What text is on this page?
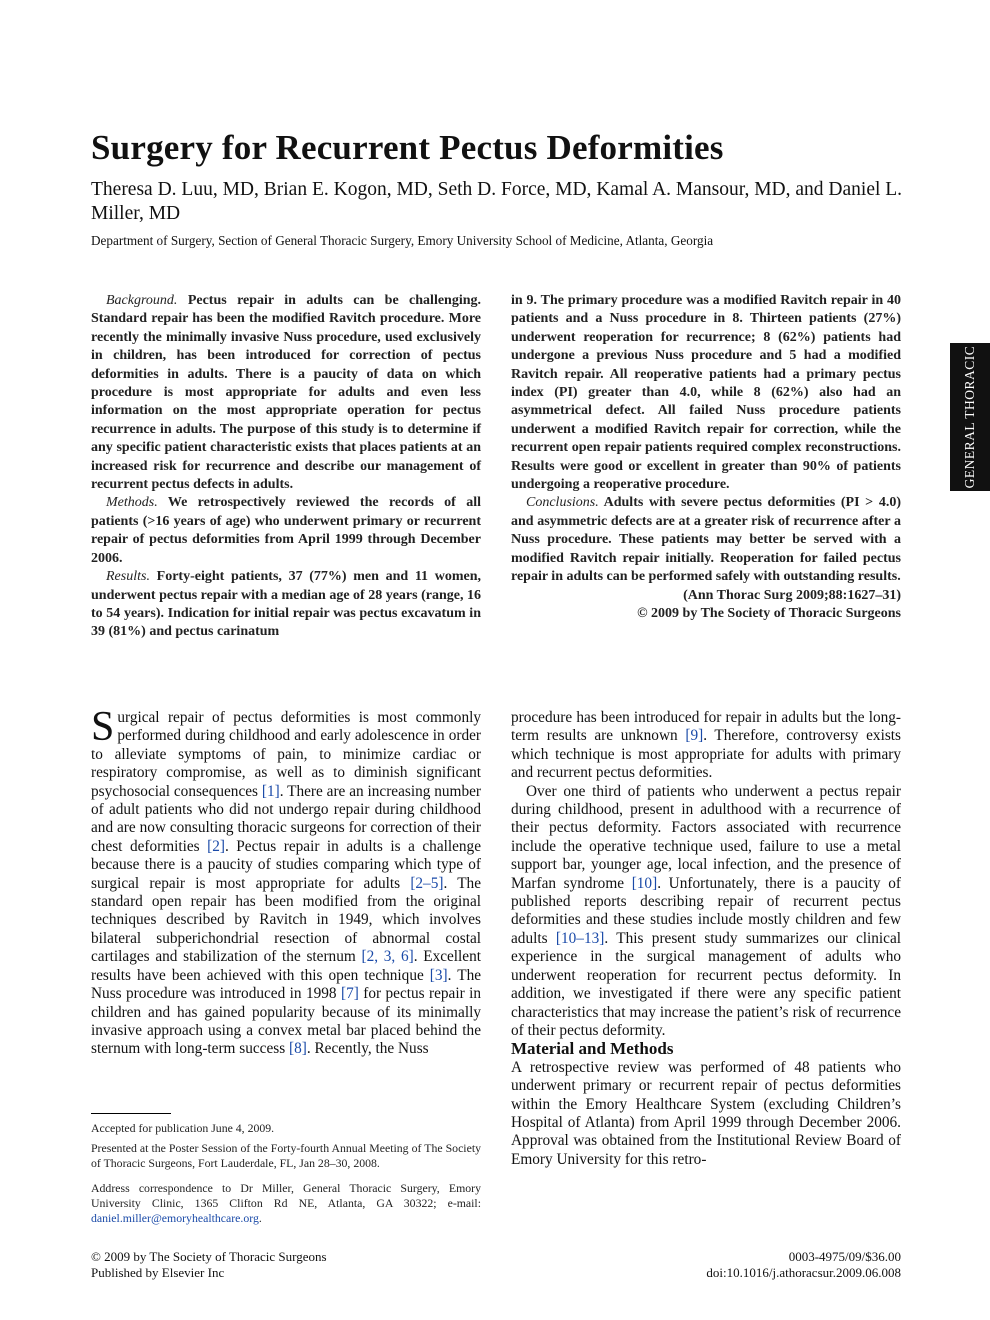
Surgery for Recurrent Pectus Deformities
Theresa D. Luu, MD, Brian E. Kogon, MD, Seth D. Force, MD, Kamal A. Mansour, MD, and Daniel L. Miller, MD
Department of Surgery, Section of General Thoracic Surgery, Emory University School of Medicine, Atlanta, Georgia
GENERAL THORACIC

Background. Pectus repair in adults can be challenging. Standard repair has been the modified Ravitch procedure. More recently the minimally invasive Nuss procedure, used exclusively in children, has been introduced for correction of pectus deformities in adults. There is a paucity of data on which procedure is most appropriate for adults and even less information on the most appropriate operation for pectus recurrence in adults. The purpose of this study is to determine if any specific patient characteristic exists that places patients at an increased risk for recurrence and describe our management of recurrent pectus defects in adults.

Methods. We retrospectively reviewed the records of all patients (>16 years of age) who underwent primary or recurrent repair of pectus deformities from April 1999 through December 2006.

Results. Forty-eight patients, 37 (77%) men and 11 women, underwent pectus repair with a median age of 28 years (range, 16 to 54 years). Indication for initial repair was pectus excavatum in 39 (81%) and pectus carinatum

in 9. The primary procedure was a modified Ravitch repair in 40 patients and a Nuss procedure in 8. Thirteen patients (27%) underwent reoperation for recurrence; 8 (62%) patients had undergone a previous Nuss procedure and 5 had a modified Ravitch repair. All reoperative patients had a primary pectus index (PI) greater than 4.0, while 8 (62%) also had an asymmetrical defect. All failed Nuss procedure patients underwent a modified Ravitch repair for correction, while the recurrent open repair patients required complex reconstructions. Results were good or excellent in greater than 90% of patients undergoing a reoperative procedure.

Conclusions. Adults with severe pectus deformities (PI > 4.0) and asymmetric defects are at a greater risk of recurrence after a Nuss procedure. These patients may better be served with a modified Ravitch repair initially. Reoperation for failed pectus repair in adults can be performed safely with outstanding results.

(Ann Thorac Surg 2009;88:1627–31)

© 2009 by The Society of Thoracic Surgeons

Surgical repair of pectus deformities is most commonly performed during childhood and early adolescence in order to alleviate symptoms of pain, to minimize cardiac or respiratory compromise, as well as to diminish significant psychosocial consequences [1]. There are an increasing number of adult patients who did not undergo repair during childhood and are now consulting thoracic surgeons for correction of their chest deformities [2]. Pectus repair in adults is a challenge because there is a paucity of studies comparing which type of surgical repair is most appropriate for adults [2–5]. The standard open repair has been modified from the original techniques described by Ravitch in 1949, which involves bilateral subperichondrial resection of abnormal costal cartilages and stabilization of the sternum [2, 3, 6]. Excellent results have been achieved with this open technique [3]. The Nuss procedure was introduced in 1998 [7] for pectus repair in children and has gained popularity because of its minimally invasive approach using a convex metal bar placed behind the sternum with long-term success [8]. Recently, the Nuss

procedure has been introduced for repair in adults but the long-term results are unknown [9]. Therefore, controversy exists which technique is most appropriate for adults with primary and recurrent pectus deformities.

Over one third of patients who underwent a pectus repair during childhood, present in adulthood with a recurrence of their pectus deformity. Factors associated with recurrence include the operative technique used, failure to use a metal support bar, younger age, local infection, and the presence of Marfan syndrome [10]. Unfortunately, there is a paucity of published reports describing repair of recurrent pectus deformities and these studies include mostly children and few adults [10–13]. This present study summarizes our clinical experience in the surgical management of adults who underwent reoperation for recurrent pectus deformity. In addition, we investigated if there were any specific patient characteristics that may increase the patient’s risk of recurrence of their pectus deformity.

Material and Methods

A retrospective review was performed of 48 patients who underwent primary or recurrent repair of pectus deformities within the Emory Healthcare System (excluding Children’s Hospital of Atlanta) from April 1999 through December 2006. Approval was obtained from the Institutional Review Board of Emory University for this retro-

Accepted for publication June 4, 2009.
Presented at the Poster Session of the Forty-fourth Annual Meeting of The Society of Thoracic Surgeons, Fort Lauderdale, FL, Jan 28–30, 2008.
Address correspondence to Dr Miller, General Thoracic Surgery, Emory University Clinic, 1365 Clifton Rd NE, Atlanta, GA 30322; e-mail: daniel.miller@emoryhealthcare.org.
© 2009 by The Society of Thoracic Surgeons
Published by Elsevier Inc
0003-4975/09/$36.00
doi:10.1016/j.athoracsur.2009.06.008
